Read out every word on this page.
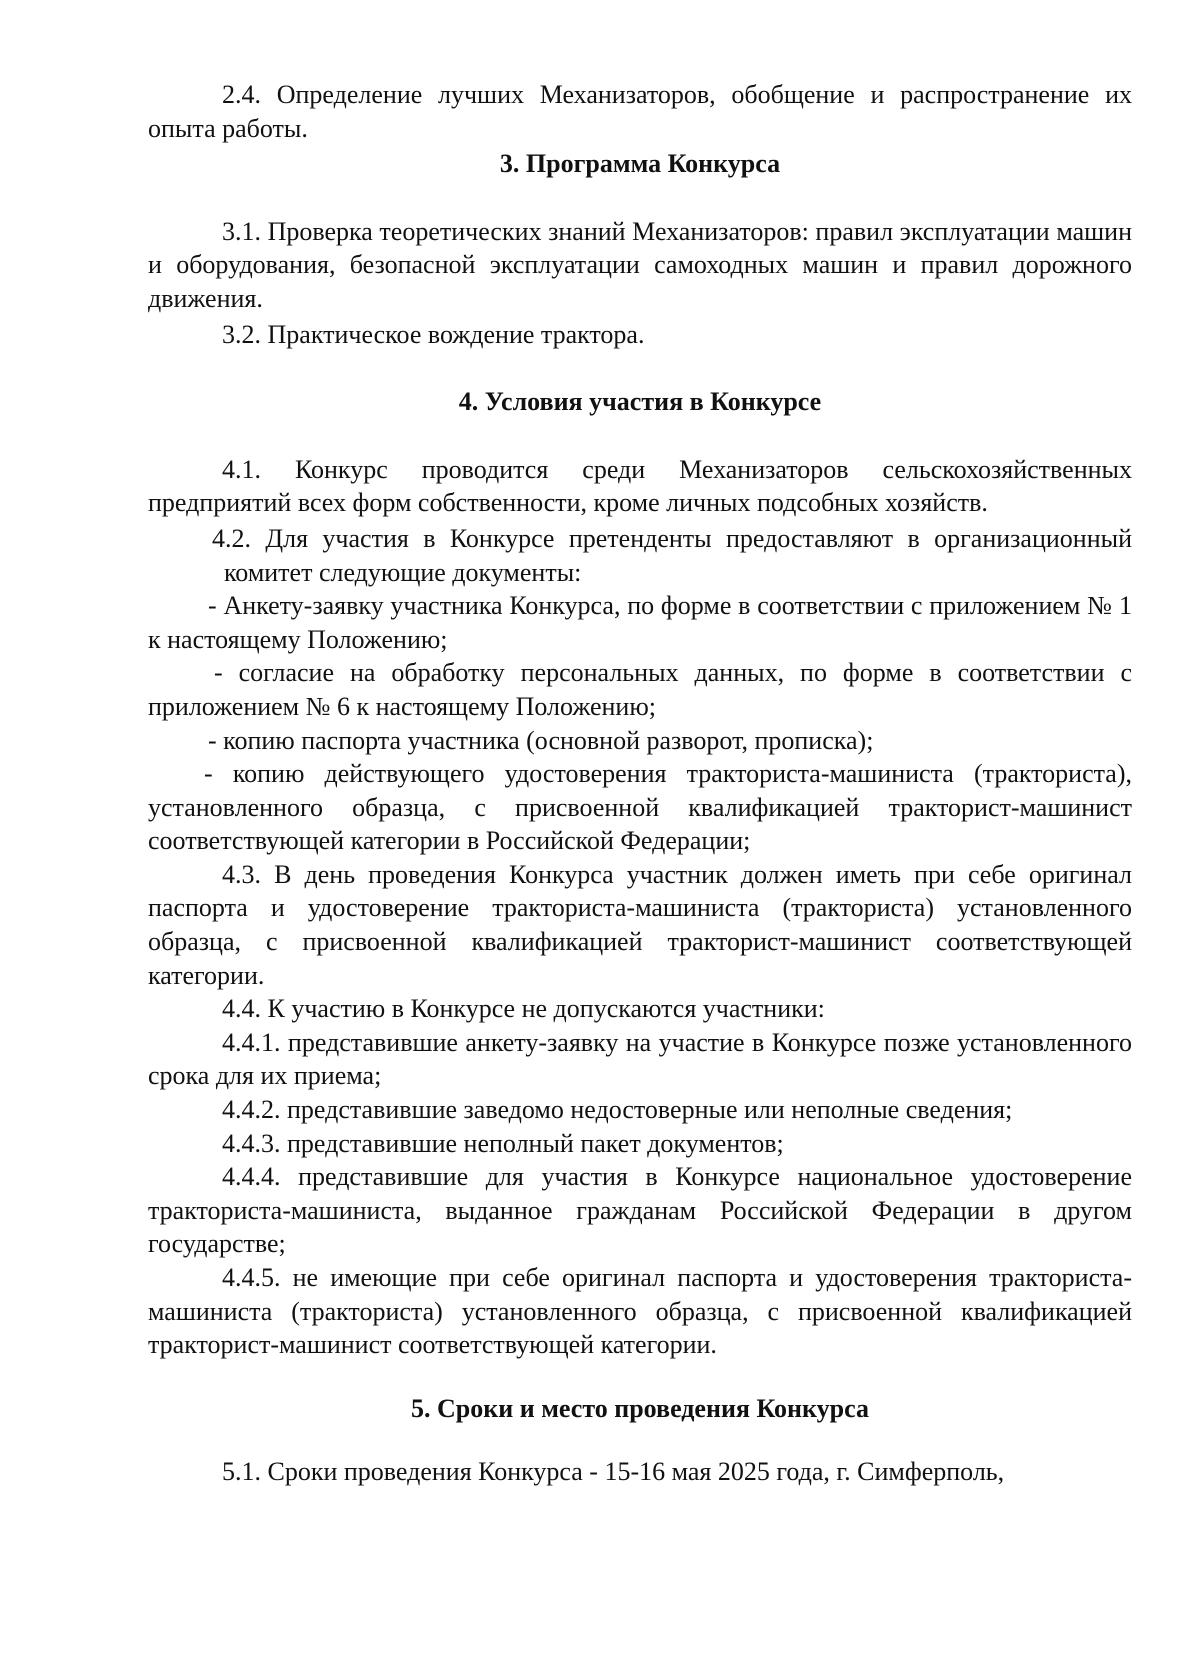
2.4. Определение лучших Механизаторов, обобщение и распространение их опыта работы.

3. Программа Конкурса

3.1. Проверка теоретических знаний Механизаторов: правил эксплуатации машин и оборудования, безопасной эксплуатации самоходных машин и правил дорожного движения.

3.2. Практическое вождение трактора.

4. Условия участия в Конкурсе

4.1. Конкурс проводится среди Механизаторов сельскохозяйственных предприятий всех форм собственности, кроме личных подсобных хозяйств.

4.2. Для участия в Конкурсе претенденты предоставляют в организационный комитет следующие документы:

- Анкету-заявку участника Конкурса, по форме в соответствии с приложением № 1 к настоящему Положению;

- согласие на обработку персональных данных, по форме в соответствии с приложением № 6 к настоящему Положению;

- копию паспорта участника (основной разворот, прописка);

- копию действующего удостоверения тракториста-машиниста (тракториста), установленного образца, с присвоенной квалификацией тракторист-машинист соответствующей категории в Российской Федерации;

4.3. В день проведения Конкурса участник должен иметь при себе оригинал паспорта и удостоверение тракториста-машиниста (тракториста) установленного образца, с присвоенной квалификацией тракторист-машинист соответствующей категории.

4.4. К участию в Конкурсе не допускаются участники:

4.4.1. представившие анкету-заявку на участие в Конкурсе позже установленного срока для их приема;

4.4.2. представившие заведомо недостоверные или неполные сведения;

4.4.3. представившие неполный пакет документов;

4.4.4. представившие для участия в Конкурсе национальное удостоверение тракториста-машиниста, выданное гражданам Российской Федерации в другом государстве;

4.4.5. не имеющие при себе оригинал паспорта и удостоверения тракториста-машиниста (тракториста) установленного образца, с присвоенной квалификацией тракторист-машинист соответствующей категории.

5. Сроки и место проведения Конкурса

5.1. Сроки проведения Конкурса - 15-16 мая 2025 года, г. Симферполь,
